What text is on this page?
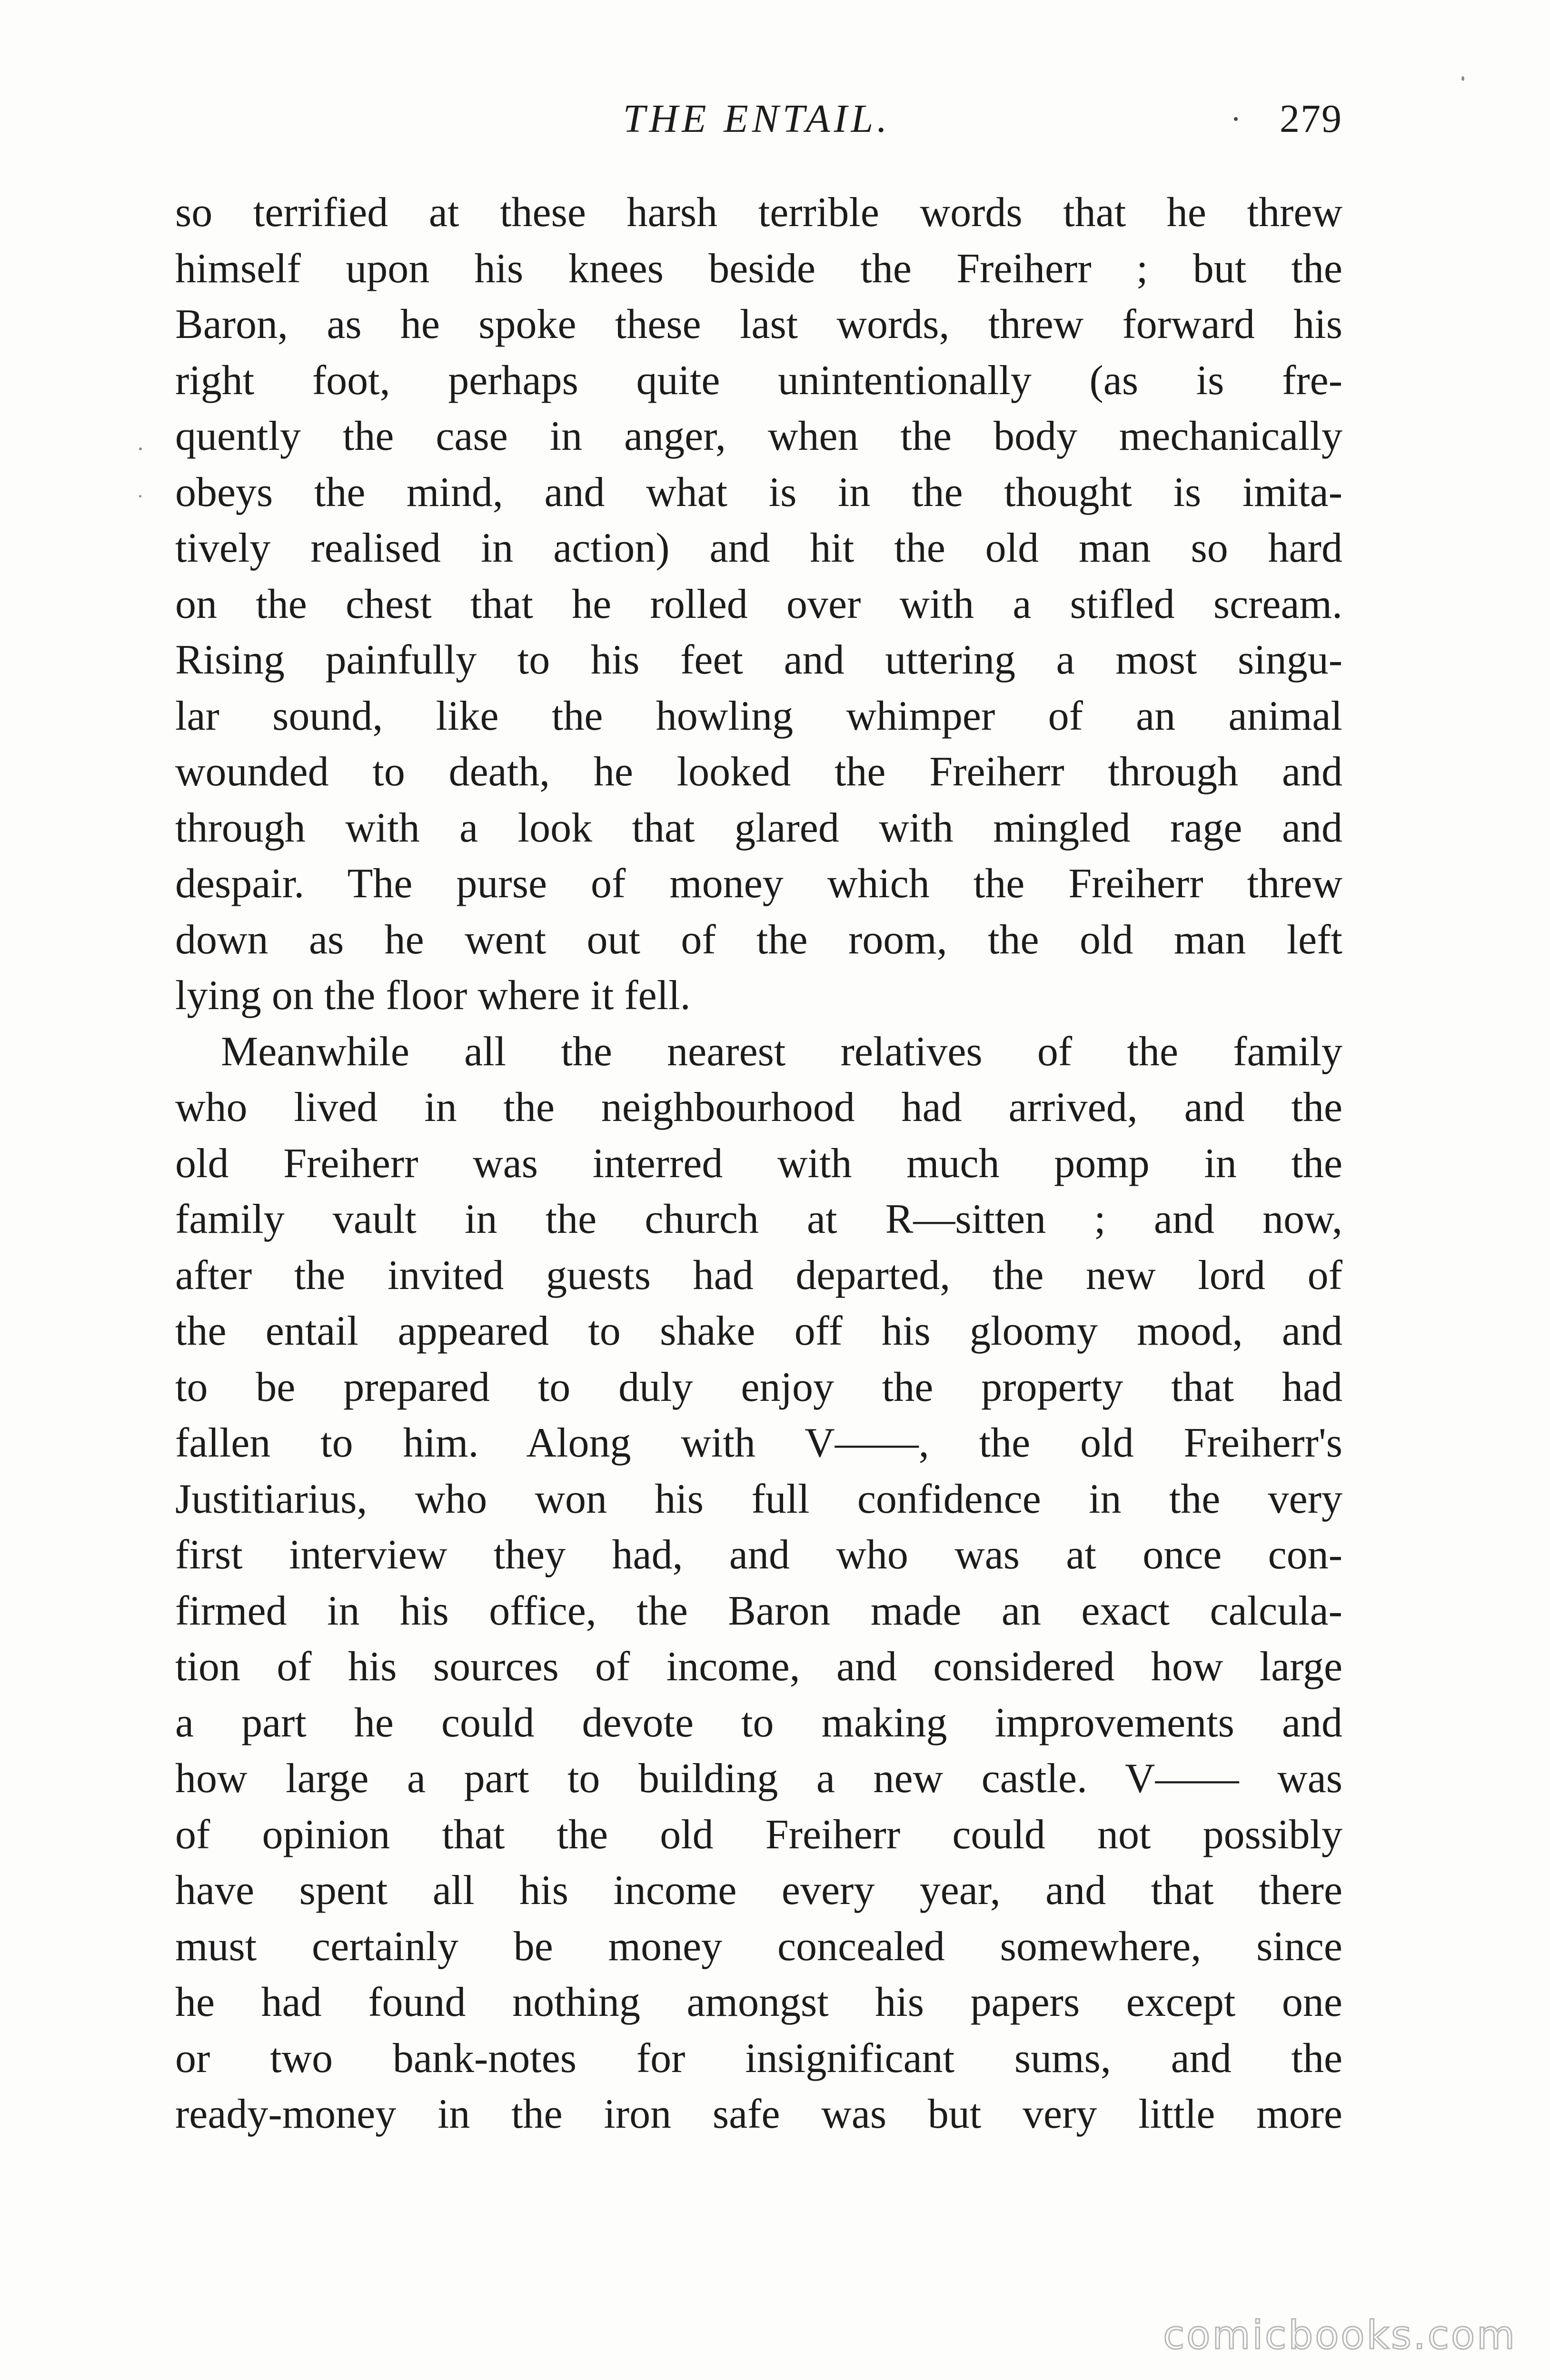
THE ENTAIL.	279
so terrified at these harsh terrible words that he threw
himself upon his knees beside the Freiherr ; but the
Baron, as he spoke these last words, threw forward his
right foot, perhaps quite unintentionally (as is fre-
quently the case in anger, when the body mechanically
obeys the mind, and what is in the thought is imita-
tively realised in action) and hit the old man so hard
on the chest that he rolled over with a stifled scream.
Rising painfully to his feet and uttering a most singu-
lar sound, like the howling whimper of an animal
wounded to death, he looked the Freiherr through and
through with a look that glared with mingled rage and
despair. The purse of money which the Freiherr threw
down as he went out of the room, the old man left
lying on the floor where it fell.
Meanwhile all the nearest relatives of the family
who lived in the neighbourhood had arrived, and the
old Freiherr was interred with much pomp in the
family vault in the church at R—sitten ; and now,
after the invited guests had departed, the new lord of
the entail appeared to shake off his gloomy mood, and
to be prepared to duly enjoy the property that had
fallen to him. Along with V——, the old Freiherr's
Justitiarius, who won his full confidence in the very
first interview they had, and who was at once con-
firmed in his office, the Baron made an exact calcula-
tion of his sources of income, and considered how large
a part he could devote to making improvements and
how large a part to building a new castle. V—— was
of opinion that the old Freiherr could not possibly
have spent all his income every year, and that there
must certainly be money concealed somewhere, since
he had found nothing amongst his papers except one
or two bank-notes for insignificant sums, and the
ready-money in the iron safe was but very little more
comicbooks.com
